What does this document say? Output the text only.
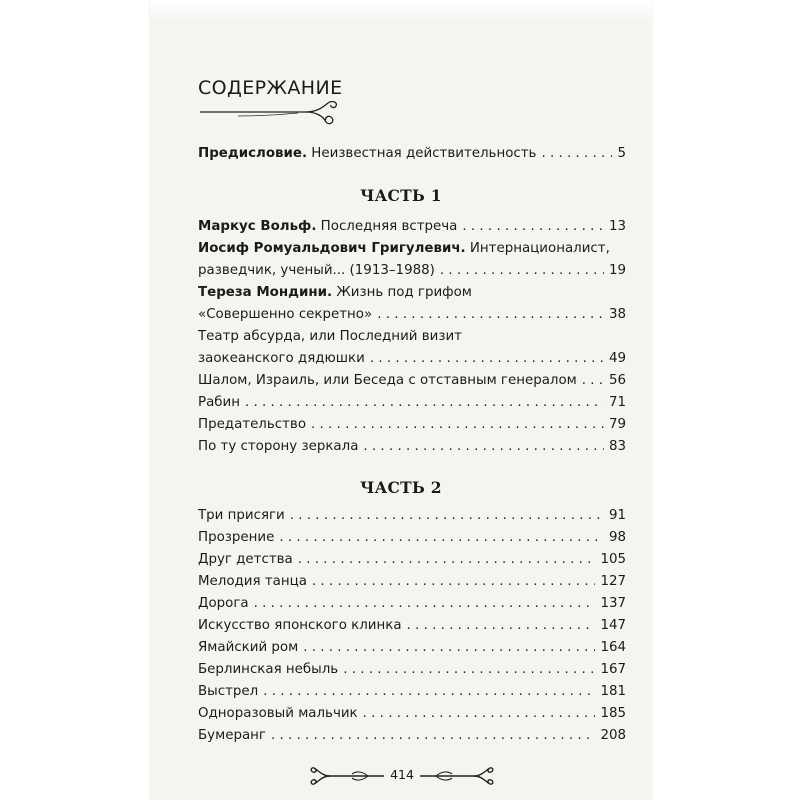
СОДЕРЖАНИЕ
Предисловие. Неизвестная действительность . . .	5
ЧАСТЬ 1
Маркус Вольф. Последняя встреча . . .	13
Иосиф Ромуальдович Григулевич. Интернационалист,
разведчик, ученый... (1913–1988) . . .	19
Тереза Мондини. Жизнь под грифом
«Совершенно секретно» . . .	38
Театр абсурда, или Последний визит
заокеанского дядюшки . . .	49
Шалом, Израиль, или Беседа с отставным генералом . . . 56
Рабин . . .	71
Предательство . . .	79
По ту сторону зеркала . . .	83
ЧАСТЬ 2
Три присяги . . .	91
Прозрение . . .	98
Друг детства . . .	105
Мелодия танца . . .	127
Дорога . . .	137
Искусство японского клинка . . .	147
Ямайский ром . . .	164
Берлинская небыль . . .	167
Выстрел . . .	181
Одноразовый мальчик . . .	185
Бумеранг . . .	208
414
